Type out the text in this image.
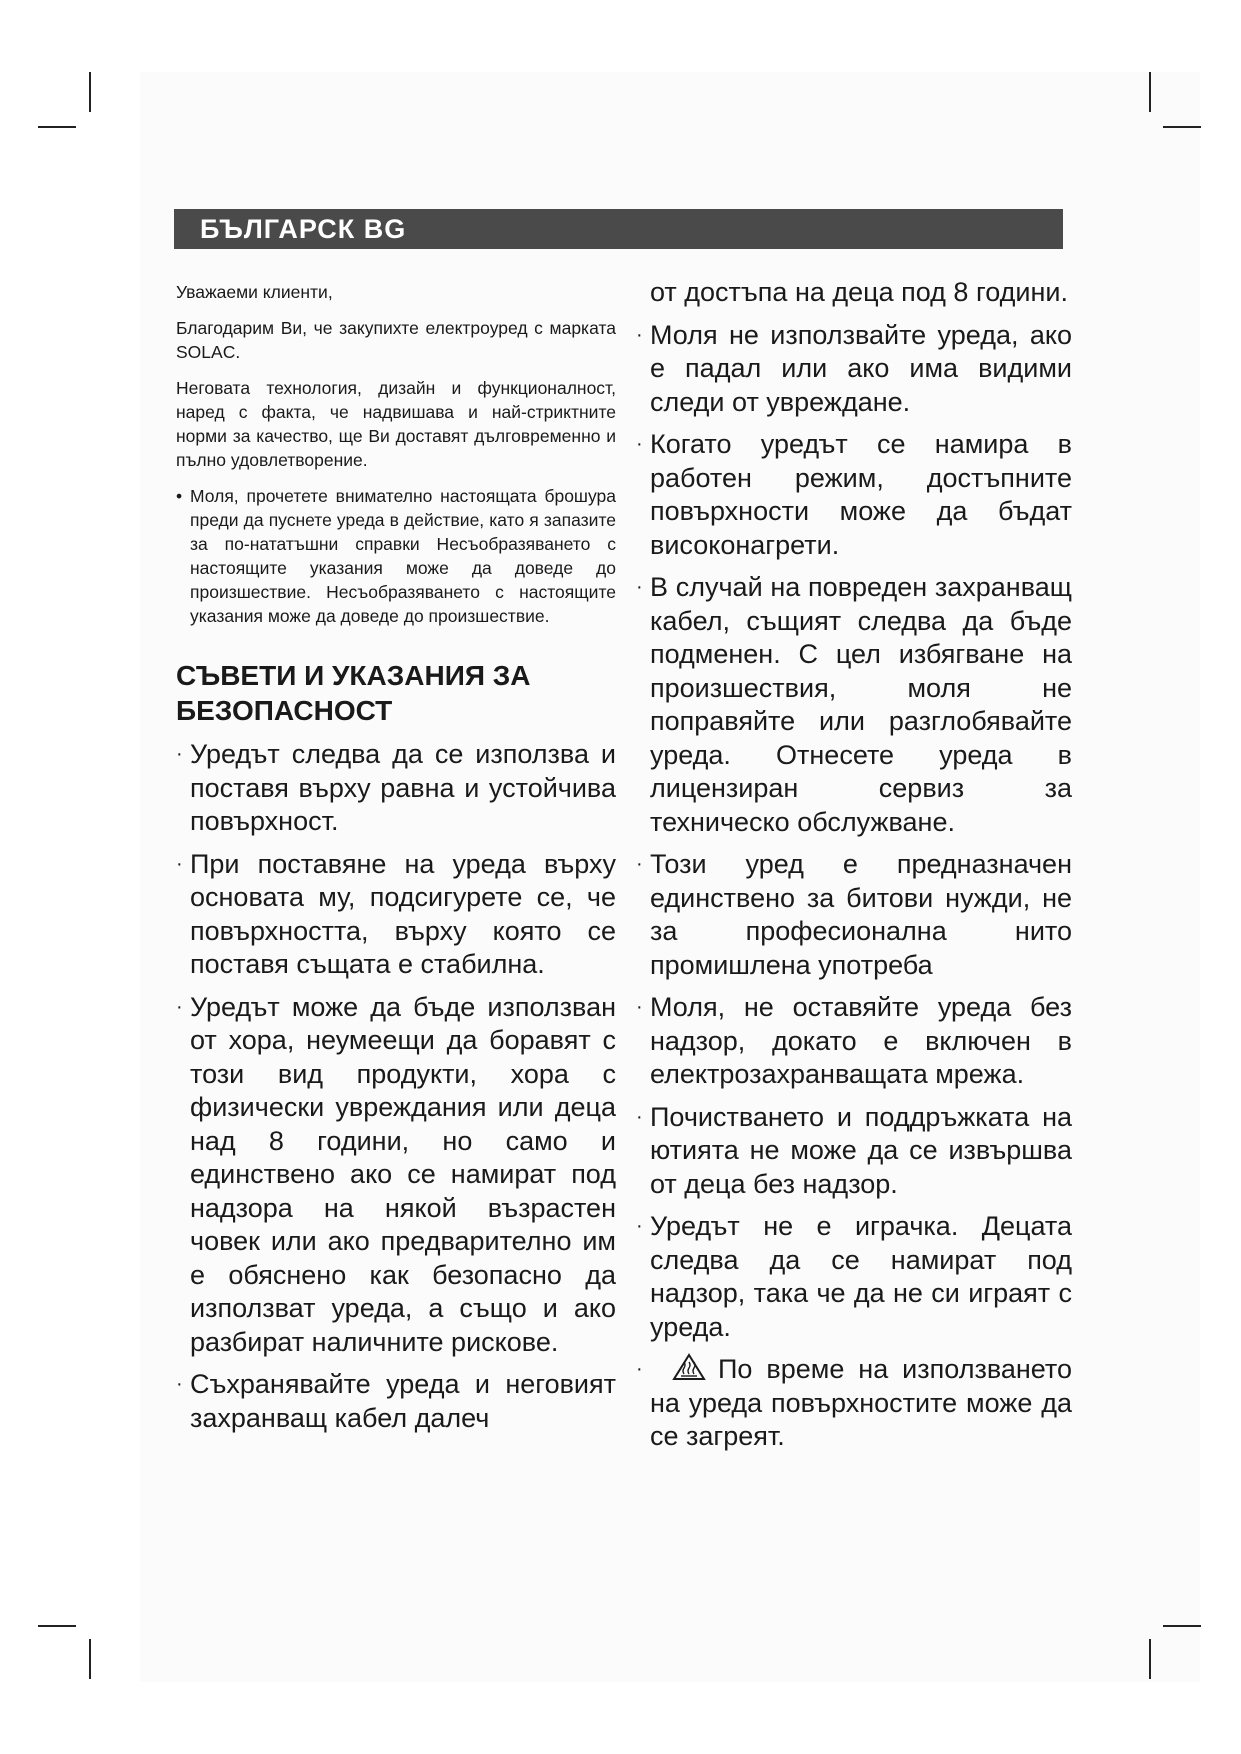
БЪЛГАРСК BG

Уважаеми клиенти,

Благодарим Ви, че закупихте електроуред с марката SOLAC.

Неговата технология, дизайн и функционалност, наред с факта, че надвишава и най-стриктните норми за качество, ще Ви доставят дълговременно и пълно удовлетворение.

• Моля, прочетете внимателно настоящата брошура преди да пуснете уреда в действие, като я запазите за по-нататъшни справки Несъобразяването с настоящите указания може да доведе до произшествие. Несъобразяването с настоящите указания може да доведе до произшествие.

СЪВЕТИ И УКАЗАНИЯ ЗА БЕЗОПАСНОСТ
· Уредът следва да се използва и поставя върху равна и устойчива повърхност.
· При поставяне на уреда върху основата му, подсигурете се, че повърхността, върху която се поставя същата е стабилна.
· Уредът може да бъде използван от хора, неумеещи да боравят с този вид продукти, хора с физически увреждания или деца над 8 години, но само и единствено ако се намират под надзора на някой възрастен човек или ако предварително им е обяснено как безопасно да използват уреда, а също и ако разбират наличните рискове.
· Съхранявайте уреда и неговият захранващ кабел далеч
от достъпа на деца под 8 години.
· Моля не използвайте уреда, ако е падал или ако има видими следи от увреждане.
· Когато уредът се намира в работен режим, достъпните повърхности може да бъдат високонагрети.
· В случай на повреден захранващ кабел, същият следва да бъде подменен. С цел избягване на произшествия, моля не поправяйте или разглобявайте уреда. Отнесете уреда в лицензиран сервиз за техническо обслужване.
· Този уред е предназначен единствено за битови нужди, не за професионална нито промишлена употреба
· Моля, не оставяйте уреда без надзор, докато е включен в електрозахранващата мрежа.
· Почистването и поддръжката на ютията не може да се извършва от деца без надзор.
· Уредът не е играчка. Децата следва да се намират под надзор, така че да не си играят с уреда.
·	По време на използването на уреда повърхностите може да се загреят.
